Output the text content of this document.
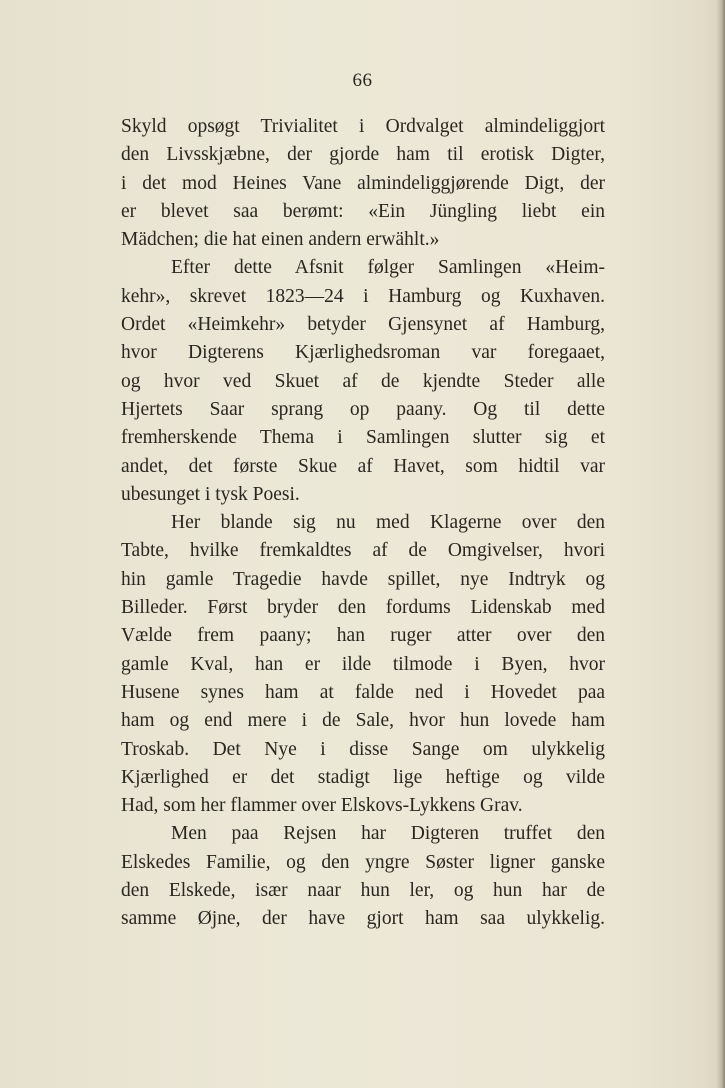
66
Skyld opsøgt Trivialitet i Ordvalget almindeliggjort
den Livsskjæbne, der gjorde ham til erotisk Digter,
i det mod Heines Vane almindeliggjørende Digt, der
er blevet saa berømt: «Ein Jüngling liebt ein
Mädchen; die hat einen andern erwählt.»
Efter dette Afsnit følger Samlingen «Heim-
kehr», skrevet 1823—24 i Hamburg og Kuxhaven.
Ordet «Heimkehr» betyder Gjensynet af Hamburg,
hvor Digterens Kjærlighedsroman var foregaaet,
og hvor ved Skuet af de kjendte Steder alle
Hjertets Saar sprang op paany. Og til dette
fremherskende Thema i Samlingen slutter sig et
andet, det første Skue af Havet, som hidtil var
ubesunget i tysk Poesi.
Her blande sig nu med Klagerne over den
Tabte, hvilke fremkaldtes af de Omgivelser, hvori
hin gamle Tragedie havde spillet, nye Indtryk og
Billeder. Først bryder den fordums Lidenskab med
Vælde frem paany; han ruger atter over den
gamle Kval, han er ilde tilmode i Byen, hvor
Husene synes ham at falde ned i Hovedet paa
ham og end mere i de Sale, hvor hun lovede ham
Troskab. Det Nye i disse Sange om ulykkelig
Kjærlighed er det stadigt lige heftige og vilde
Had, som her flammer over Elskovs-Lykkens Grav.
Men paa Rejsen har Digteren truffet den
Elskedes Familie, og den yngre Søster ligner ganske
den Elskede, især naar hun ler, og hun har de
samme Øjne, der have gjort ham saa ulykkelig.
